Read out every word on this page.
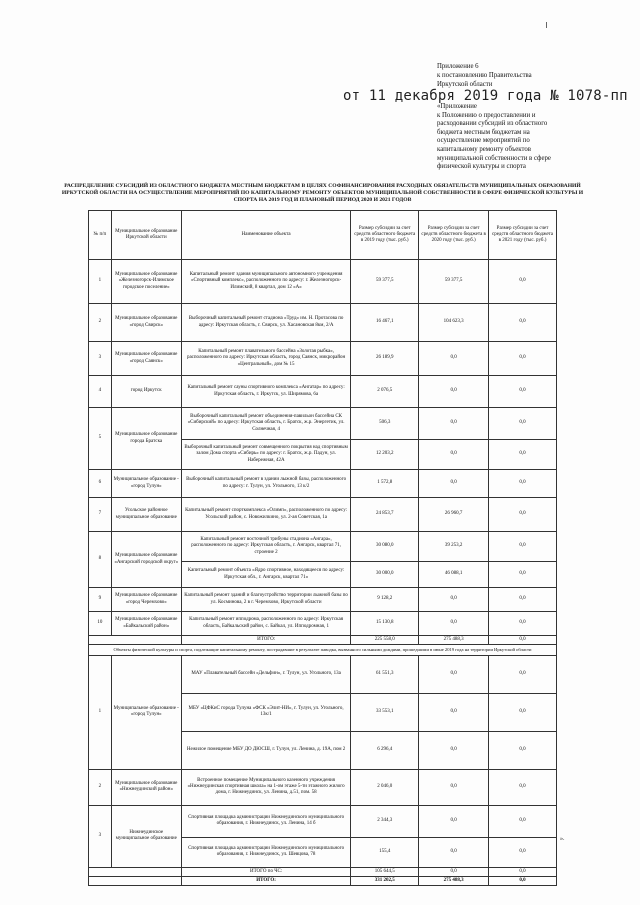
Приложение 6
к постановлению Правительства
Иркутской области
от 11 декабря 2019 года № 1078-пп
«Приложение
к Положению о предоставлении и
расходовании субсидий из областного
бюджета местным бюджетам на
осуществление мероприятий по
капитальному ремонту объектов
муниципальной собственности в сфере
физической культуры и спорта
РАСПРЕДЕЛЕНИЕ СУБСИДИЙ ИЗ ОБЛАСТНОГО БЮДЖЕТА МЕСТНЫМ БЮДЖЕТАМ В ЦЕЛЯХ СОФИНАНСИРОВАНИЯ РАСХОДНЫХ ОБЯЗАТЕЛЬСТВ МУНИЦИПАЛЬНЫХ ОБРАЗОВАНИЙ ИРКУТСКОЙ ОБЛАСТИ НА ОСУЩЕСТВЛЕНИЕ МЕРОПРИЯТИЙ ПО КАПИТАЛЬНОМУ РЕМОНТУ ОБЪЕКТОВ МУНИЦИПАЛЬНОЙ СОБСТВЕННОСТИ В СФЕРЕ ФИЗИЧЕСКОЙ КУЛЬТУРЫ И СПОРТА НА 2019 ГОД И ПЛАНОВЫЙ ПЕРИОД 2020 И 2021 ГОДОВ
№ п/п	Муниципальное образование Иркутской области	Наименование объекта	Размер субсидии за счет средств областного бюджета в 2019 году (тыс. руб.)	Размер субсидии за счет средств областного бюджета в 2020 году (тыс. руб.)	Размер субсидии за счет средств областного бюджета в 2021 году (тыс. руб.)
1	Муниципальное образование «Железногорск-Илимское городское поселение»	Капитальный ремонт здания муниципального автономного учреждения «Спортивный комплекс», расположенного по адресу: г. Железногорск-Илимский, 8 квартал, дом 12 «А»	59 377,5	59 377,5	0,0
2	Муниципальное образование «город Свирск»	Выборочный капитальный ремонт стадиона «Труд» им. Н. Протасова по адресу: Иркутская область, г. Свирск, ул. Хасановская 8км, 2/А	16 467,1	104 623,3	0,0
3	Муниципальное образование «город Саянск»	Капитальный ремонт плавательного бассейна «Золотая рыбка», расположенного по адресу: Иркутская область, город Саянск, микрорайон «Центральный», дом № 15	26 189,9	0,0	0,0
4	город Иркутск	Капитальный ремонт сауны спортивного комплекса «Ангатар» по адресу: Иркутская область, г. Иркутск, ул. Ширямова, 6а	2 076,5	0,0	0,0
5	Муниципальное образование города Братска	Выборочный капитальный ремонт объединения-павильон бассейна СК «Сибирский» по адресу: Иркутская область, г. Братск, ж.р. Энергетик, ул. Солнечная, 4	506,3	0,0	0,0
		Выборочный капитальный ремонт совмещенного покрытия над спортивным залом Дома спорта «Сибирь» по адресу: г. Братск, ж.р. Падун, ул. Набережная, 42А	12 203,2	0,0	0,0
6	Муниципальное образование - «город Тулун»	Выборочный капитальный ремонт в здании лыжной базы, расположенного по адресу: г. Тулун, ул. Угольного, 13 к/2	1 572,8	0,0	0,0
7	Усольское районное муниципальное образование	Капитальный ремонт спорткомплекса «Олимп», расположенного по адресу: Усольский район, с. Новожилкино, ул. 2-ая Советская, 1а	24 853,7	26 960,7	0,0
8	Муниципальное образование «Ангарский городской округ»	Капитальный ремонт восточной трибуны стадиона «Ангара», расположенного по адресу: Иркутская область, г. Ангарск, квартал 71, строение 2	30 080,0	39 253,2	0,0
		Капитальный ремонт объекта «Ядро спортивное, находящееся по адресу: Иркутская обл., г. Ангарск, квартал 71»	30 000,0	46 088,1	0,0
9	Муниципальное образование «город Черемхово»	Капитальный ремонт зданий и благоустройство территории лыжной базы по ул. Косминова, 2 в г. Черемхово, Иркутской области	9 128,2	0,0	0,0
10	Муниципальное образование «Байкальский район»	Капитальный ремонт ипподрома, расположенного по адресу: Иркутская область, Байкальский район, с. Байкал, ул. Ипподромная, 1	15 130,8	0,0	0,0
		ИТОГО:	225 558,0	275 488,3	0,0
Объекты физической культуры и спорта, подлежащие капитальному ремонту, пострадавшие в результате паводка, вызванного сильными дождями, прошедшими в июне 2019 года на территории Иркутской области					
1	Муниципальное образование - «город Тулун»	МАУ «Плавательный бассейн «Дельфин», г. Тулун, ул. Угольного, 13а	61 551,3	0,0	0,0
		МБУ «ЦФКиС города Тулуна «ФСК «Элит-НИ», г. Тулун, ул. Угольного, 13к/1	33 553,1	0,0	0,0
		Нежилое помещение МБУ ДО ДЮСШ, г. Тулун, ул. Ленина, д. 19А, пом 2	6 296,4	0,0	0,0
2	Муниципальное образование «Нижнеудинский район»	Встроенное помещение Муниципального казенного учреждения «Нижнеудинская спортивная школа» на 1-ом этаже 5-ти этажного жилого дома, г. Нижнеудинск, ул. Ленина, д.51, пом. 58	2 046,0	0,0	0,0
3	Нижнеудинское муниципальное образование	Спортивная площадка администрации Нижнеудинского муниципального образования, г. Нижнеудинск, ул. Ленина, 14 б	2 344,3	0,0	0,0
		Спортивная площадка администрации Нижнеудинского муниципального образования, г. Нижнеудинск, ул. Шевцова, 78	155,4	0,0	0,0
		ИТОГО по ЧС:	105 644,5	0,0	0,0
		ИТОГО:	331 202,5	275 488,3	0,0
».
